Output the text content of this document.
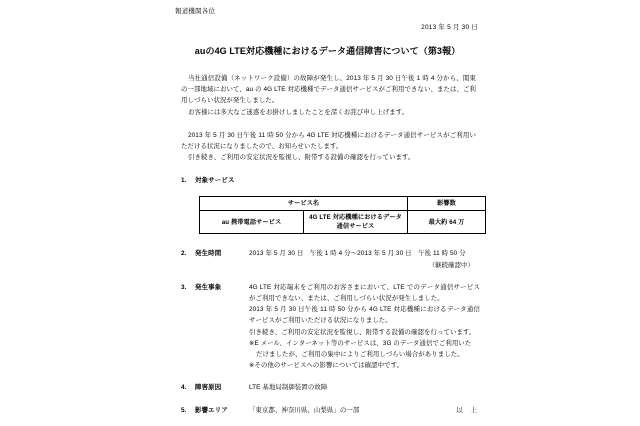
報道機関各位
2013 年 5 月 30 日
auの4G LTE対応機種におけるデータ通信障害について（第3報）

当社通信設備（ネットワーク設備）の故障が発生し、2013 年 5 月 30 日午後 1 時 4 分から、関東の一部地域において、au の 4G LTE 対応機種でデータ通信サービスがご利用できない、または、ご利用しづらい状況が発生しました。

お客様には多大なご迷惑をお掛けしましたことを深くお詫び申し上げます。

2013 年 5 月 30 日午後 11 時 50 分から 4G LTE 対応機種におけるデータ通信サービスがご利用いただける状況になりましたので、お知らせいたします。

引き続き、ご利用の安定状況を監視し、附帯する設備の確認を行っています。

1.	対象サービス
サービス名		影響数
au 携帯電話サービス	4G LTE 対応機種におけるデータ通信サービス	最大約 64 万
2.	発生時間	2013 年 5 月 30 日　午後 1 時 4 分～2013 年 5 月 30 日　午後 11 時 50 分

（継続確認中）

3.	発生事象	4G LTE 対応端末をご利用のお客さまにおいて、LTE でのデータ通信サービスがご利用できない、または、ご利用しづらい状況が発生しました。

2013 年 5 月 30 日午後 11 時 50 分から 4G LTE 対応機種におけるデータ通信サービスがご利用いただける状況になりました。

引き続き、ご利用の安定状況を監視し、附帯する設備の確認を行っています。

※E メール、インターネット等のサービスは、3G のデータ通信でご利用いた

だけましたが、ご利用の集中によりご利用しづらい場合がありました。

※その他のサービスへの影響については確認中です。

4.	障害原因	LTE 基地局制御装置の故障

5.	影響エリア	「東京都、神奈川県、山梨県」の一部	以 上
